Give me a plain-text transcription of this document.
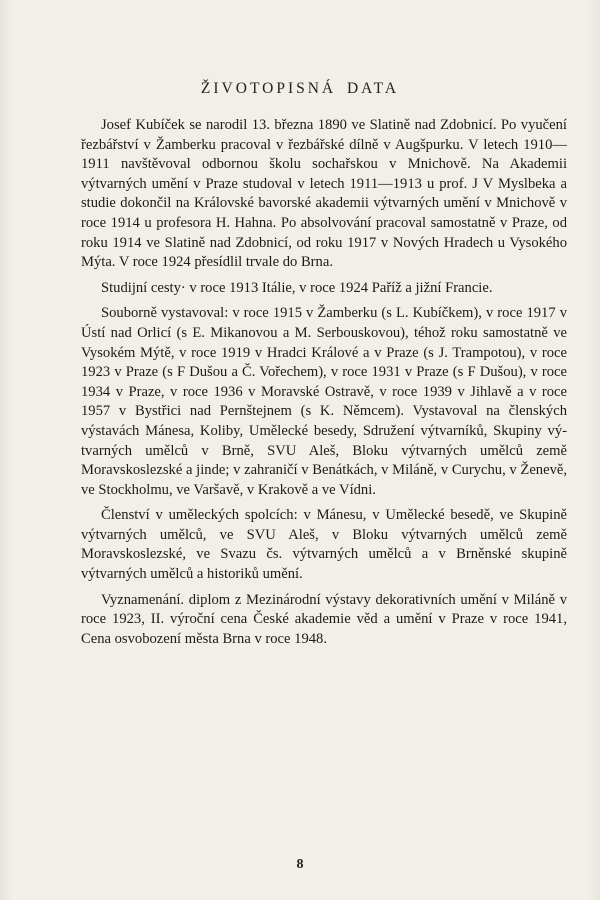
ŽIVOTOPISNÁ DATA

Josef Kubíček se narodil 13. března 1890 ve Slatině nad Zdobnicí. Po vyučení řezbářství v Žamberku pracoval v řezbářské dílně v Augšpurku. V letech 1910—1911 navštěvoval odbornou školu sochařskou v Mnichově. Na Akademii výtvarných umění v Praze studoval v letech 1911—1913 u prof. J V Myslbeka a studie dokončil na Královské bavorské akademii výtvarných umění v Mnichově v roce 1914 u profesora H. Hahna. Po absolvování pracoval samostatně v Praze, od roku 1914 ve Slatině nad Zdobnicí, od roku 1917 v Nových Hradech u Vysokého Mýta. V roce 1924 přesídlil trvale do Brna.

Studijní cesty· v roce 1913 Itálie, v roce 1924 Paříž a jižní Francie.

Souborně vystavoval: v roce 1915 v Žamberku (s L. Kubíčkem), v roce 1917 v Ústí nad Orlicí (s E. Mikanovou a M. Serbouskovou), téhož roku samostatně ve Vysokém Mýtě, v roce 1919 v Hradci Králové a v Praze (s J. Trampotou), v roce 1923 v Praze (s F Dušou a Č. Vořechem), v roce 1931 v Praze (s F Dušou), v roce 1934 v Praze, v roce 1936 v Moravské Ostravě, v roce 1939 v Jihlavě a v roce 1957 v Bystřici nad Pernštejnem (s K. Němcem). Vystavoval na členských výstavách Mánesa, Koliby, Umělecké besedy, Sdružení výtvarníků, Skupiny výtvarných umělců v Brně, SVU Aleš, Bloku výtvarných umělců země Moravskoslezské a jinde; v zahraničí v Benátkách, v Miláně, v Curychu, v Ženevě, ve Stockholmu, ve Varšavě, v Krakově a ve Vídni.

Členství v uměleckých spolcích: v Mánesu, v Umělecké besedě, ve Skupině výtvarných umělců, ve SVU Aleš, v Bloku výtvarných umělců země Moravskoslezské, ve Svazu čs. výtvarných umělců a v Brněnské skupině výtvarných umělců a historiků umění.

Vyznamenání. diplom z Mezinárodní výstavy dekorativních umění v Miláně v roce 1923, II. výroční cena České akademie věd a umění v Praze v roce 1941, Cena osvobození města Brna v roce 1948.

8
